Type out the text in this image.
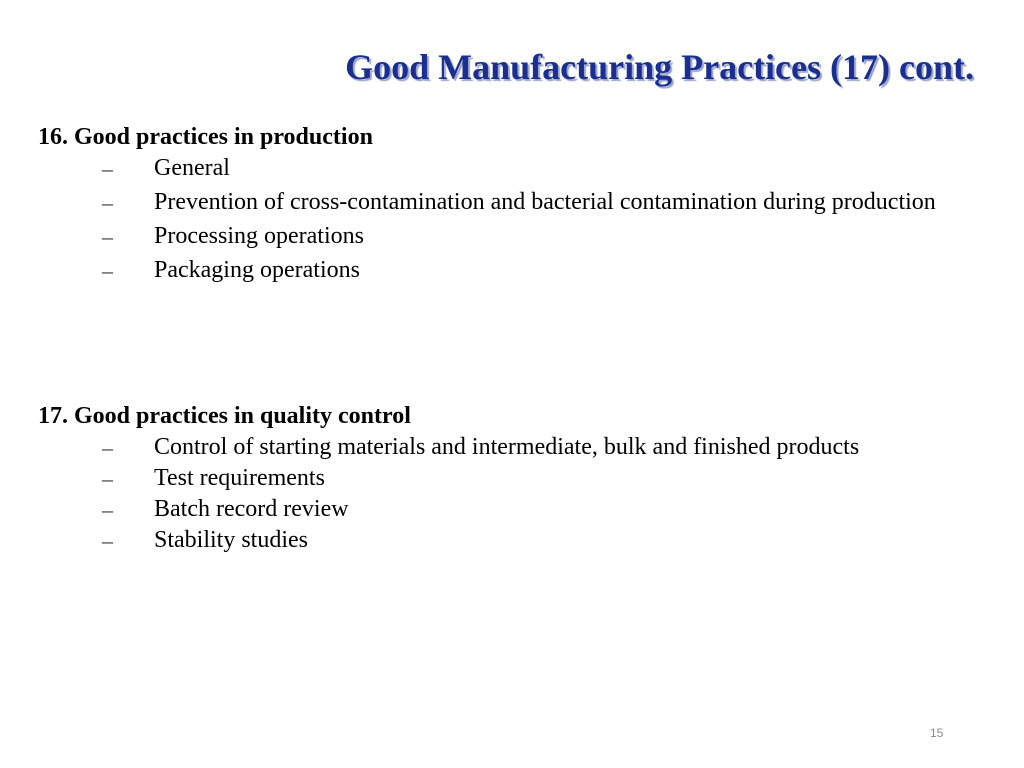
Good Manufacturing Practices (17) cont.
16. Good practices in production
– General
– Prevention of cross-contamination and bacterial contamination during production
– Processing operations
– Packaging operations
17. Good practices in quality control
– Control of starting materials and intermediate, bulk and finished products
– Test requirements
– Batch record review
– Stability studies
15
